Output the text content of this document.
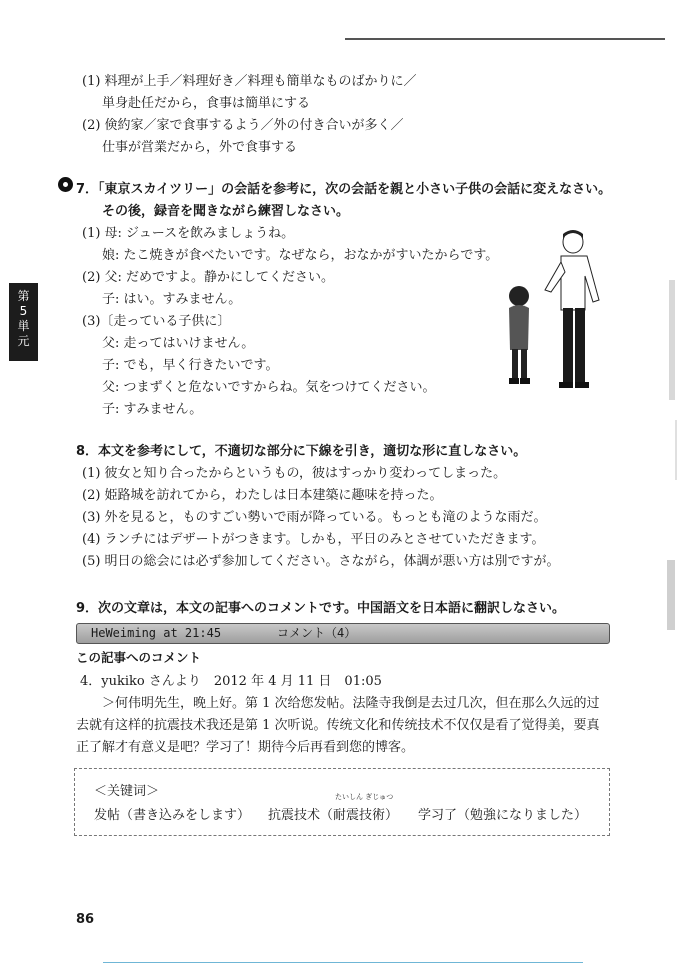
(1) 料理が上手／料理好き／料理も簡単なものばかりに／
単身赴任だから，食事は簡単にする
(2) 倹約家／家で食事するよう／外の付き合いが多く／
仕事が営業だから，外で食事する
7．「東京スカイツリー」の会話を参考に，次の会話を親と小さい子供の会話に変えなさい。
その後，録音を聞きながら練習しなさい。
(1) 母: ジュースを飲みましょうね。
娘: たこ焼きが食べたいです。なぜなら，おなかがすいたからです。
(2) 父: だめですよ。静かにしてください。
子: はい。すみません。
(3)〔走っている子供に〕
父: 走ってはいけません。
子: でも，早く行きたいです。
父: つまずくと危ないですからね。気をつけてください。
子: すみません。
第
5
単
元
8．本文を参考にして，不適切な部分に下線を引き，適切な形に直しなさい。
(1) 彼女と知り合ったからというもの，彼はすっかり変わってしまった。
(2) 姫路城を訪れてから，わたしは日本建築に趣味を持った。
(3) 外を見ると，ものすごい勢いで雨が降っている。もっとも滝のような雨だ。
(4) ランチにはデザートがつきます。しかも，平日のみとさせていただきます。
(5) 明日の総会には必ず参加してください。さながら，体調が悪い方は別ですが。
9．次の文章は，本文の記事へのコメントです。中国語文を日本語に翻訳しなさい。
HeWeiming at 21:45	コメント（4）
この記事へのコメント
4．yukiko さんより　2012 年 4 月 11 日　01:05
＞何伟明先生，晚上好。第 1 次给您发帖。法隆寺我倒是去过几次，但在那么久远的过
去就有这样的抗震技术我还是第 1 次听说。传统文化和传统技术不仅仅是看了觉得美，要真
正了解才有意义是吧？学习了！期待今后再看到您的博客。
＜关键词＞
发帖（書き込みをします）
たいしん ぎじゅつ
抗震技术（耐震技術） 学习了（勉強になりました）
86
